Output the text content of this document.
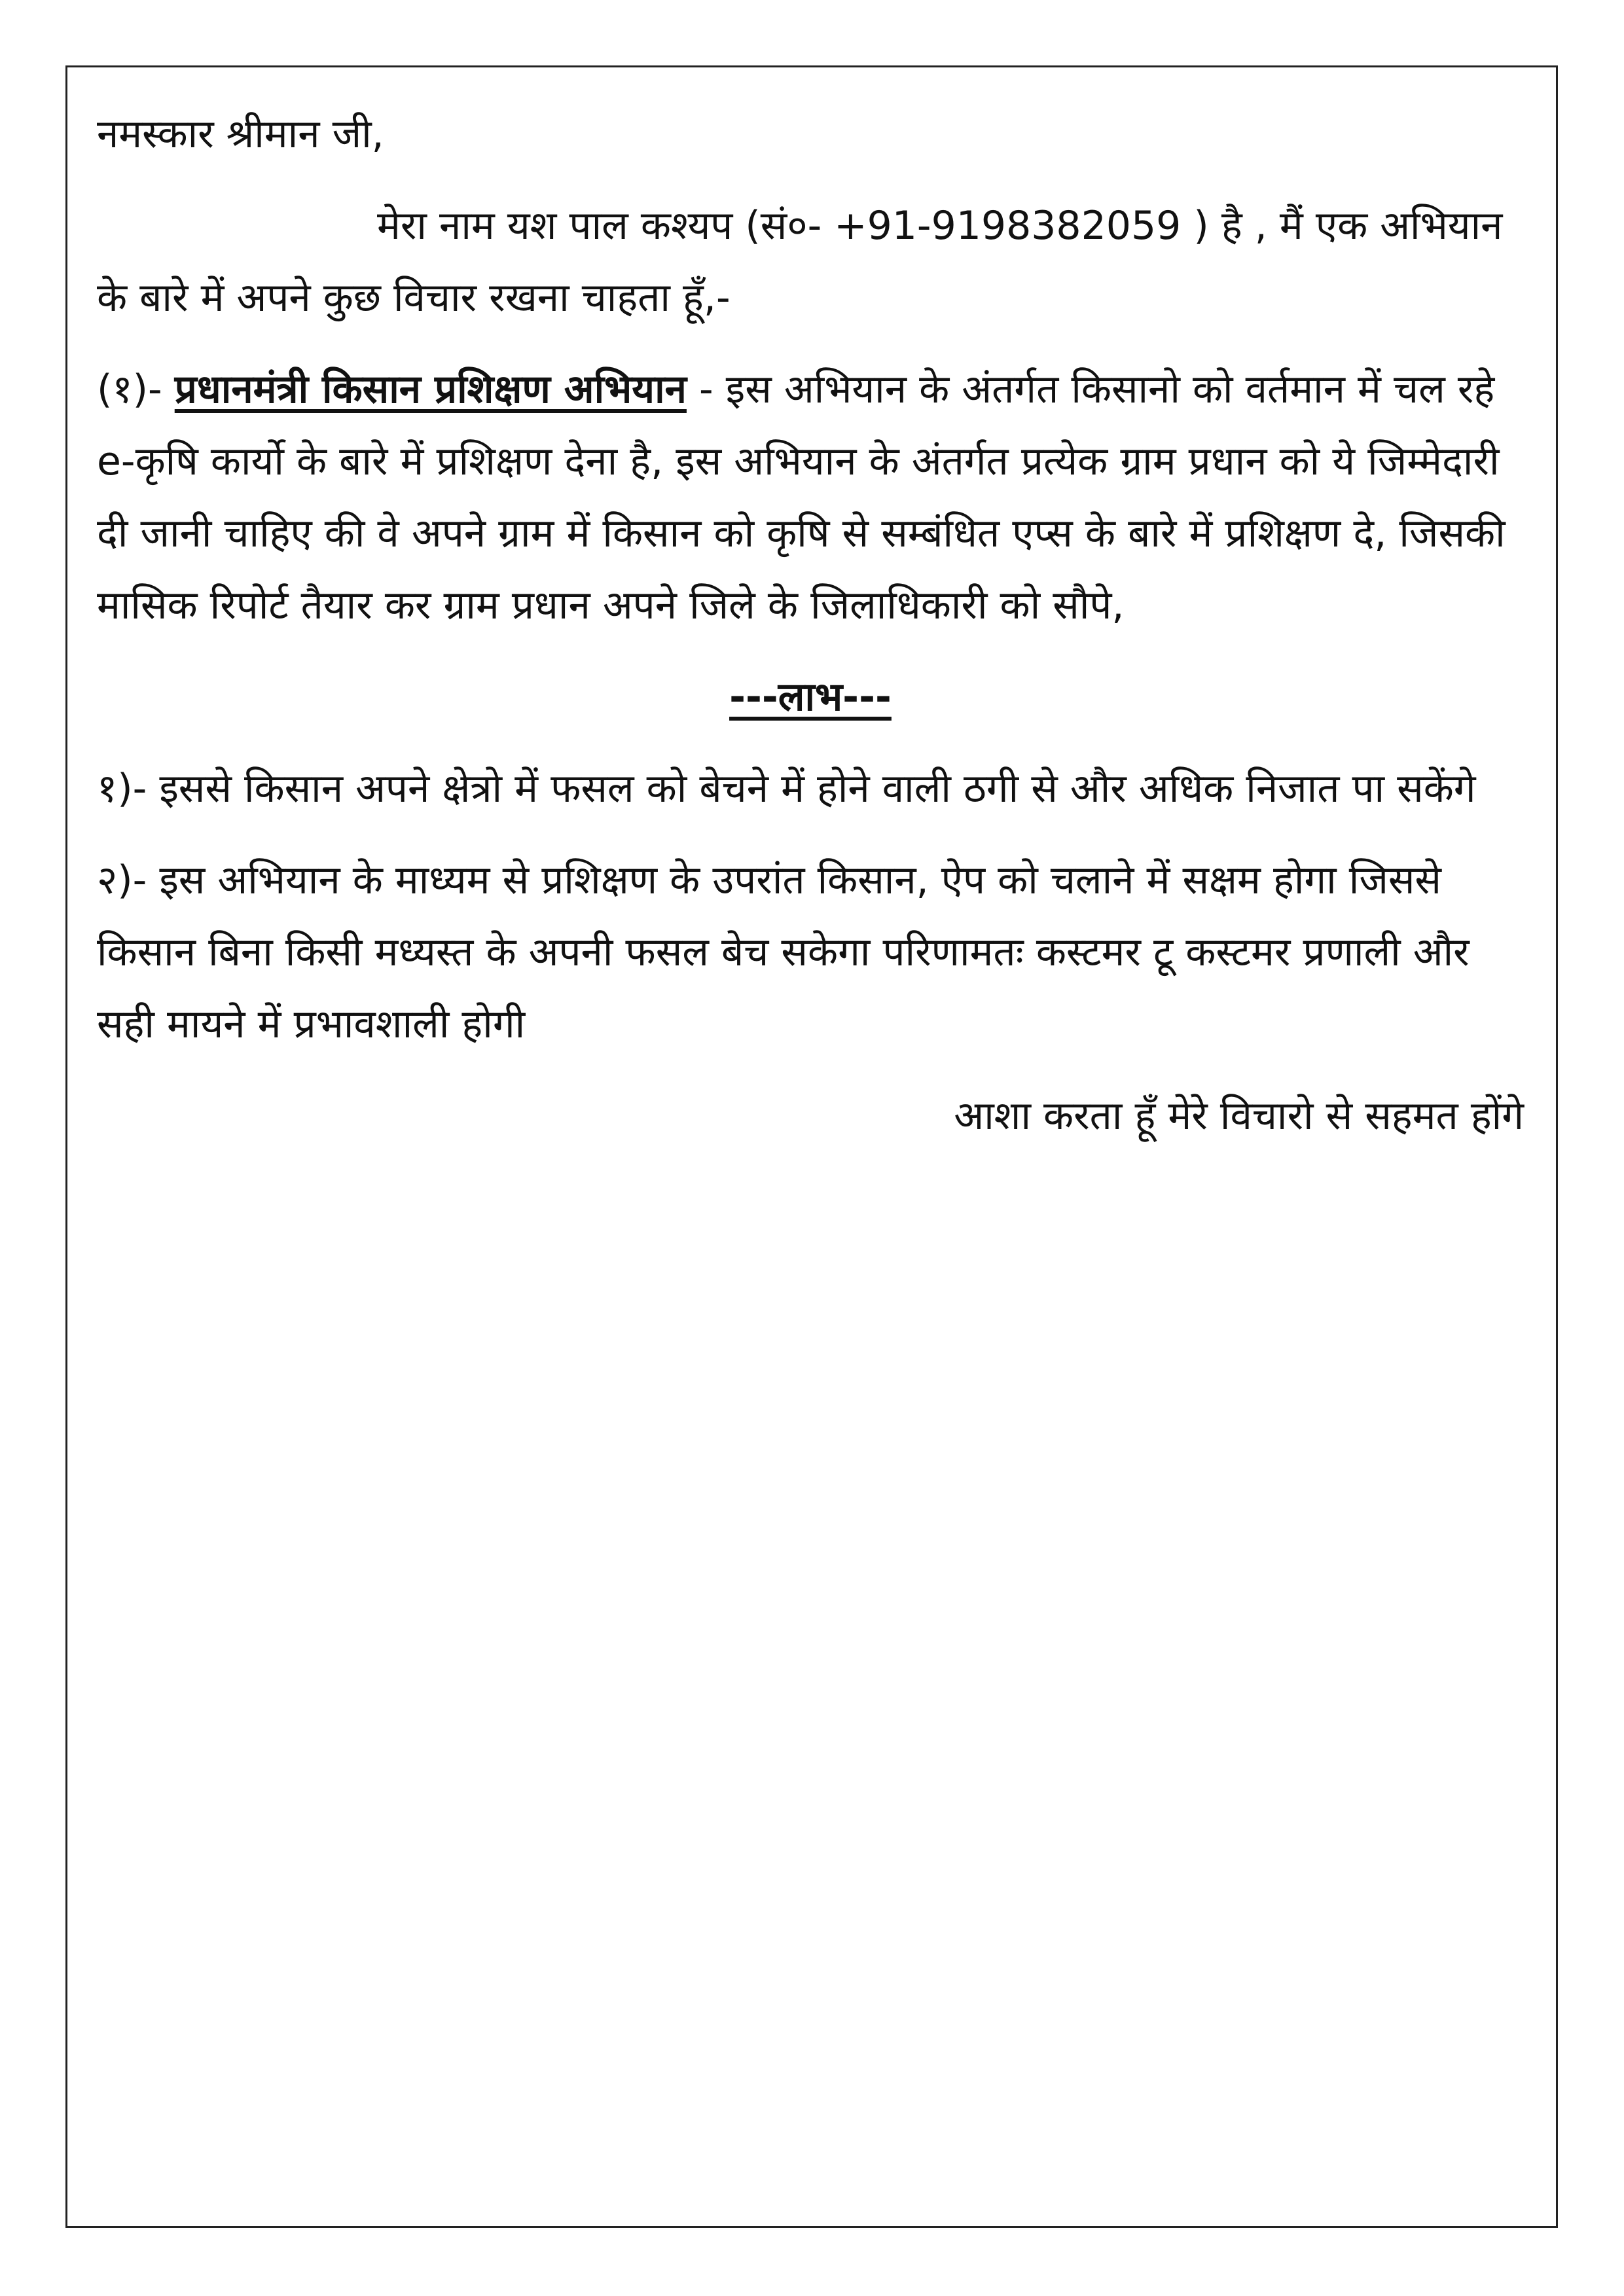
नमस्कार श्रीमान जी,

मेरा नाम यश पाल कश्यप (सं०- +91-9198382059 ) है , मैं एक अभियान के बारे में अपने कुछ विचार रखना चाहता हूँ,-

(१)- प्रधानमंत्री किसान प्रशिक्षण अभियान - इस अभियान के अंतर्गत किसानो को वर्तमान में चल रहे e-कृषि कार्यो के बारे में प्रशिक्षण देना है, इस अभियान के अंतर्गत प्रत्येक ग्राम प्रधान को ये जिम्मेदारी दी जानी चाहिए की वे अपने ग्राम में किसान को कृषि से सम्बंधित एप्स के बारे में प्रशिक्षण दे, जिसकी मासिक रिपोर्ट तैयार कर ग्राम प्रधान अपने जिले के जिलाधिकारी को सौपे,

---लाभ---

१)- इससे किसान अपने क्षेत्रो में फसल को बेचने में होने वाली ठगी से और अधिक निजात पा सकेंगे

२)- इस अभियान के माध्यम से प्रशिक्षण के उपरांत किसान, ऐप को चलाने में सक्षम होगा जिससे किसान बिना किसी मध्यस्त के अपनी फसल बेच सकेगा परिणामतः कस्टमर टू कस्टमर प्रणाली और सही मायने में प्रभावशाली होगी

आशा करता हूँ मेरे विचारो से सहमत होंगे
